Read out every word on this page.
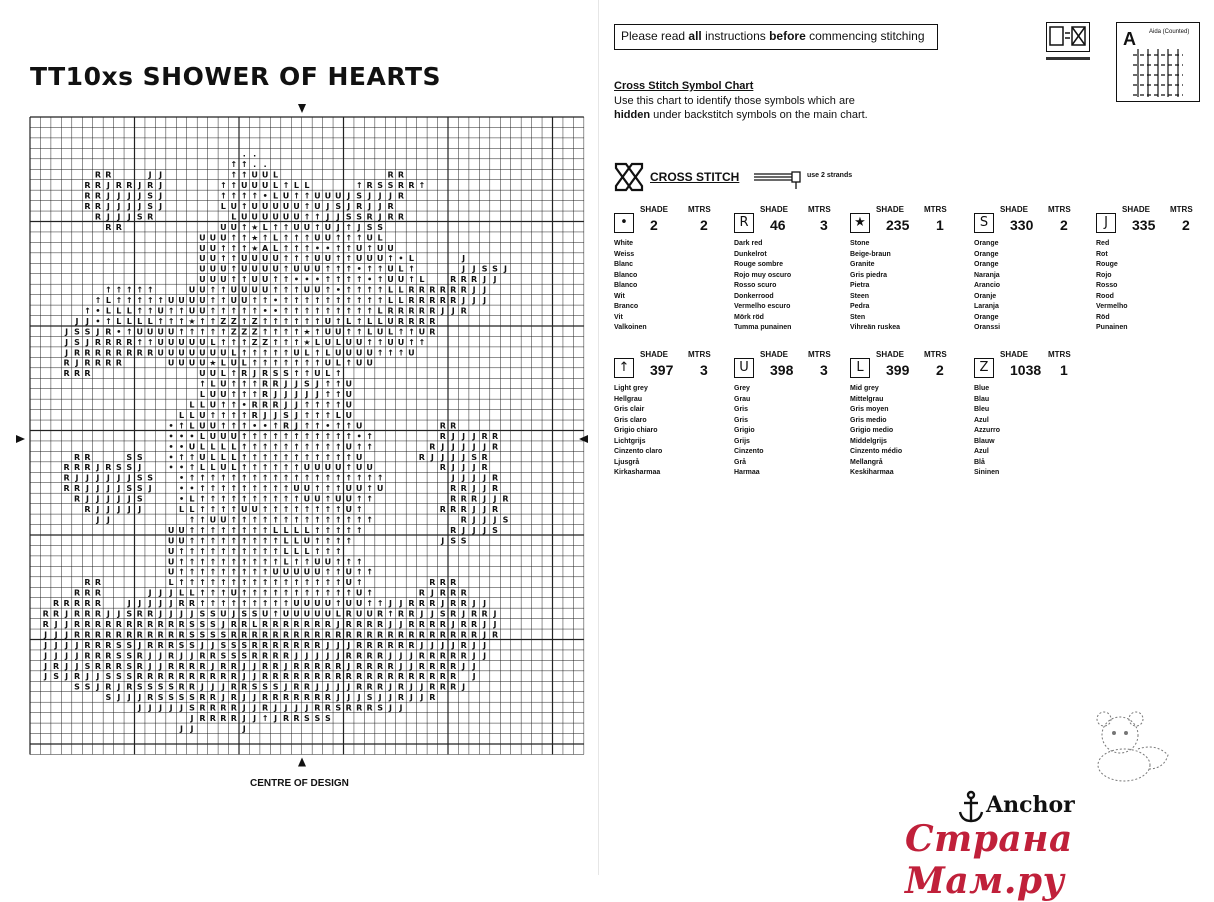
TT10xs SHOWER OF HEARTS
. .
↑ ↑ . .
R R	J J	↑ ↑ U U L	R R
R R J R R J R J	↑ ↑ U U U L ↑ L L	↑ R S S R R ↑
R R J J J J S J	↑ ↑ ↑ ↑ • L U ↑ ↑ U U U J S J J J R
R R J J J J S J	L U ↑ U U U U U ↑ U J S J R J J R
R J J J S R	L U U U U U U ↑ ↑ J J S S R J R R
R R	U U ↑ ★ L ↑ ↑ U U ↑ U J ↑ J S S
U U U ↑ ↑ ★ ↑ L ↑ ↑ ↑ U U ↑ ↑ ↑ U L
U U ↑ ↑ ↑ ★ A L ↑ ↑ ↑ • • ↑ ↑ U ↑ U U
U U ↑ ↑ U U U U ↑ ↑ ↑ U U ↑ ↑ U U U ↑ • L	J
U U U ↑ U U U U ↑ U U U ↑ ↑ ↑ • ↑ ↑ U L ↑	J J S S J
U U U ↑ ↑ U U ↑ ↑ • • • ↑ ↑ ↑ ↑ • ↑ U U ↑ L	R R R J J
↑ ↑ ↑ ↑ ↑	U U ↑ ↑ U U U U ↑ ↑ ↑ U U ↑ • ↑ ↑ ↑ ↑ L L R R R R R R J J
↑ L ↑ ↑ ↑ ↑ ↑ U U U U ↑ ↑ U U ↑ ↑ • ↑ ↑ ↑ ↑ ↑ ↑ ↑ ↑ ↑ ↑ L L R R R R R J J J
↑ • L L L ↑ ↑ U ↑ ↑ U U ↑ ↑ ↑ ↑ ↑ • • ↑ ↑ ↑ ↑ ↑ ↑ ↑ ↑ ↑ L R R R R R J J R
J J • ↑ L L L L ↑ ↑ ↑ ★ ↑ ↑ Z Z ↑ Z ↑ ↑ ↑ ↑ ↑ ↑ U ↑ L ↑ L L U R R R R
J S S J R • ↑ U U U U ↑ ↑ ↑ ↑ ↑ Z Z Z ↑ ↑ ↑ ↑ ★ ↑ U U ↑ ↑ L U L ↑ ↑ U R
J S J R R R R ↑ ↑ U U U U U L ↑ ↑ ↑ Z Z ↑ ↑ ↑ ★ L U L U U ↑ ↑ U U ↑ ↑
J R R R R R R R R U U U U U U U L ↑ ↑ ↑ ↑ ↑ U L ↑ L U U U U ↑ ↑ ↑ U
R J R R R R	U U U U ★ L U L ↑ ↑ ↑ ↑ ↑ ↑ ↑ U L ↑ U U
R R R	U U L ↑ R J R S S ↑ ↑ U L ↑
↑ L U ↑ ↑ ↑ R R J J S J ↑ ↑ U
L U U ↑ ↑ ↑ R J J J J J ↑ ↑ U
L L U ↑ ↑ • R R R J J ↑ ↑ ↑ ↑ U
L L U ↑ ↑ ↑ ↑ R J J S J ↑ ↑ ↑ L U
• ↑ L U U ↑ ↑ ↑ • • ↑ R J ↑ ↑ • ↑ ↑ U	R R
• • • L U U U ↑ ↑ ↑ ↑ ↑ ↑ ↑ ↑ ↑ ↑ ↑ • ↑	R J J J R R
• • U L L L L ↑ ↑ ↑ ↑ ↑ ↑ ↑ ↑ ↑ ↑ U ↑ ↑	R J J J J J R
R R	S S	• ↑ ↑ U L L L ↑ ↑ ↑ ↑ ↑ ↑ ↑ ↑ ↑ ↑ ↑ U	R J J J J S R
R R R J R S S J	• • ↑ L L U L ↑ ↑ ↑ ↑ ↑ ↑ U U U U ↑ U U	R J J J R
R J J J J J J S S	• ↑ ↑ ↑ ↑ ↑ ↑ ↑ ↑ ↑ ↑ ↑ ↑ ↑ ↑ ↑ ↑ ↑ ↑ ↑	J J J J R
R R J J J J S S J	• • ↑ ↑ ↑ ↑ ↑ ↑ ↑ ↑ ↑ U U ↑ ↑ ↑ U U ↑ U	R R J J R
R J J J J J S	• L ↑ ↑ ↑ ↑ ↑ ↑ ↑ ↑ ↑ ↑ U U ↑ U U ↑ ↑	R R R J J R
R J J J J J	L L ↑ ↑ ↑ ↑ U U ↑ ↑ ↑ ↑ ↑ ↑ ↑ ↑ U ↑	R R R J J R
J J	↑ ↑ U U ↑ ↑ ↑ ↑ ↑ ↑ ↑ ↑ ↑ ↑ ↑ ↑ ↑ ↑	R J J J S
U U ↑ ↑ ↑ ↑ ↑ ↑ ↑ ↑ L L L L ↑ ↑ ↑ ↑ ↑	R J J J S
U U ↑ ↑ ↑ ↑ ↑ ↑ ↑ ↑ ↑ L L U ↑ ↑ ↑ ↑	J S S
U ↑ ↑ ↑ ↑ ↑ ↑ ↑ ↑ ↑ ↑ L L L ↑ ↑ ↑
U ↑ ↑ ↑ ↑ ↑ ↑ ↑ ↑ ↑ ↑ L ↑ ↑ U U ↑ ↑ ↑
U ↑ ↑ ↑ ↑ ↑ ↑ ↑ ↑ ↑ U U U U U ↑ ↑ U ↑ ↑
R R	L ↑ ↑ ↑ ↑ ↑ ↑ ↑ ↑ ↑ ↑ ↑ ↑ ↑ ↑ ↑ ↑ U ↑	R R R
R R R	J J J L L ↑ ↑ ↑ U ↑ ↑ ↑ ↑ ↑ ↑ ↑ ↑ ↑ ↑ ↑ U ↑	R J R R R
R R R R R	J J J J J R R ↑ ↑ ↑ ↑ ↑ ↑ ↑ ↑ ↑ U U U U ↑ U U ↑ ↑ J J R R R J R R J J
R R J R R R J J S R R J J J J S S U J S S U ↑ U U U U U L R U U R ↑ R R J J S R J R R J
R J J R R R R R R R R R R R S S S J R R L R R R R R R R J R R R R J J R R R R J R R J J
J J J R R R R R R R R R R R S S S S R R R R R R R R R R R R R R R R R R R R R R R R J R
J J J J R R R S S J R R R S S J J S S S R R R R R R R J J J R R R R R R J J J J R J J
J J J J R R R S S R J J R J J R R S S S R R R R J J J J J R R R R J J J R R R R R J J
J R J J S R R R S R J J R R R R J R R J J R R J R R R R R J R R R R J J R R R R J J
J S J R J J S S S R R R R R R R R R R J J R R R R R R R R R R R R R R R R R R R J
S S J R J R S S S S R R J J J R R S S S J R R J J J J R R R J R J J R R R J
S J J J R S S S S R R J R J J R R R R R R R J J J S J J R J J R
J J J J J S R R R R J J R J J J J R R S R R R S J J
J R R R R J J ↑ J R R S S S
J J	J
CENTRE OF DESIGN
Please read all instructions before commencing stitching	A Aida (Counted)
Cross Stitch Symbol Chart
Use this chart to identify those symbols which are
hidden under backstitch symbols on the main chart.
CROSS STITCH	use 2 strands
•
SHADE MTRS
2	2
White
Weiss
Blanc
Blanco
Blanco
Wit
Branco
Vit
Valkoinen
R
SHADE MTRS
46 3
Dark red
Dunkelrot
Rouge sombre
Rojo muy oscuro
Rosso scuro
Donkerrood
Vermelho escuro
Mörk röd
Tumma punainen
★
SHADE MTRS
235 1
Stone
Beige-braun
Granite
Gris piedra
Pietra
Steen
Pedra
Sten
Vihreän ruskea
S
SHADE MTRS
330 2
Orange
Orange
Orange
Naranja
Arancio
Oranje
Laranja
Orange
Oranssi
J
SHADE MTRS
335 2
Red
Rot
Rouge
Rojo
Rosso
Rood
Vermelho
Röd
Punainen
↑
SHADE MTRS
397 3
Light grey
Hellgrau
Gris clair
Gris claro
Grigio chiaro
Lichtgrijs
Cinzento claro
Ljusgrå
Kirkasharmaa
U
SHADE MTRS
398 3
Grey
Grau
Gris
Gris
Grigio
Grijs
Cinzento
Grå
Harmaa
L
SHADE MTRS
399 2
Mid grey
Mittelgrau
Gris moyen
Gris medio
Grigio medio
Middelgrijs
Cinzento médio
Mellangrå
Keskiharmaa
Z
SHADE MTRS
1038 1
Blue
Blau
Bleu
Azul
Azzurro
Blauw
Azul
Blå
Sininen
Anchor
Страна Мам.ру
